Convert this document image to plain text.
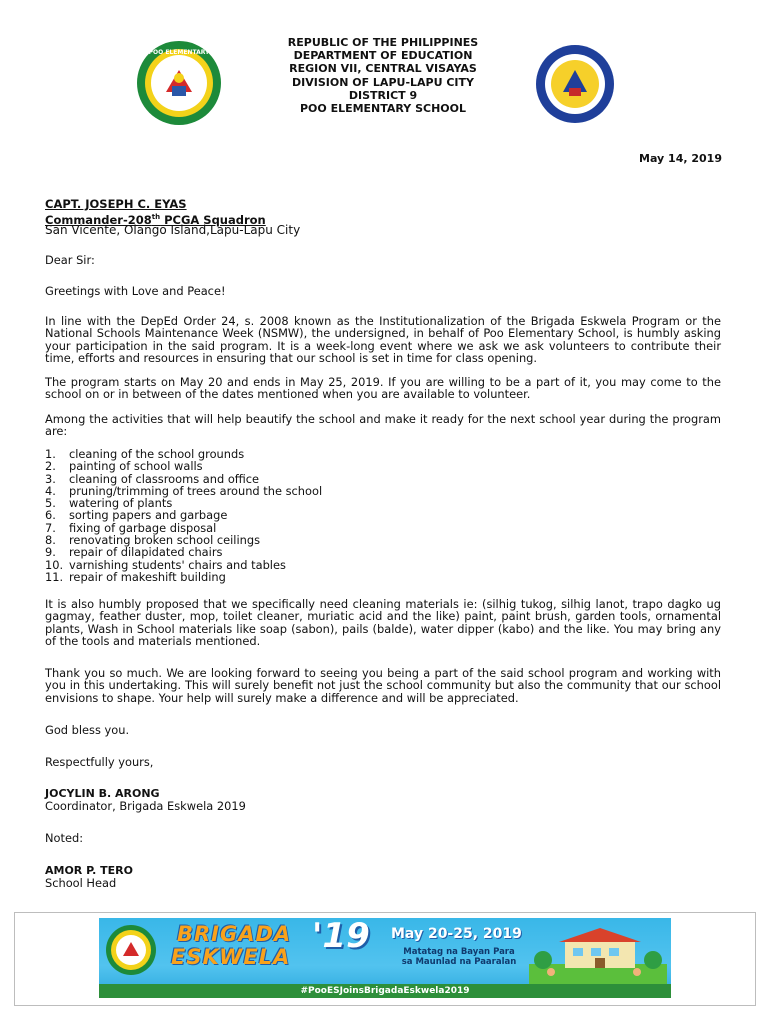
POO ELEMENTARY
REPUBLIC OF THE PHILIPPINES
DEPARTMENT OF EDUCATION
REGION VII, CENTRAL VISAYAS
DIVISION OF LAPU-LAPU CITY
DISTRICT 9
POO ELEMENTARY SCHOOL
May 14, 2019
CAPT. JOSEPH C. EYAS
Commander-208th PCGA Squadron
San Vicente, Olango Island,Lapu-Lapu City
Dear Sir:
Greetings with Love and Peace!

In line with the DepEd Order 24, s. 2008 known as the Institutionalization of the Brigada Eskwela Program or the National Schools Maintenance Week (NSMW), the undersigned, in behalf of Poo Elementary School, is humbly asking your participation in the said program. It is a week-long event where we ask we ask volunteers to contribute their time, efforts and resources in ensuring that our school is set in time for class opening.

The program starts on May 20 and ends in May 25, 2019. If you are willing to be a part of it, you may come to the school on or in between of the dates mentioned when you are available to volunteer.

Among the activities that will help beautify the school and make it ready for the next school year during the program are:

1. cleaning of the school grounds
2. painting of school walls
3. cleaning of classrooms and office
4. pruning/trimming of trees around the school
5. watering of plants
6. sorting papers and garbage
7. fixing of garbage disposal
8. renovating broken school ceilings
9. repair of dilapidated chairs
10. varnishing students' chairs and tables
11. repair of makeshift building

It is also humbly proposed that we specifically need cleaning materials ie: (silhig tukog, silhig lanot, trapo dagko ug gagmay, feather duster, mop, toilet cleaner, muriatic acid and the like) paint, paint brush, garden tools, ornamental plants, Wash in School materials like soap (sabon), pails (balde), water dipper (kabo) and the like. You may bring any of the tools and materials mentioned.

Thank you so much. We are looking forward to seeing you being a part of the said school program and working with you in this undertaking. This will surely benefit not just the school community but also the community that our school envisions to shape. Your help will surely make a difference and will be appreciated.

God bless you.
Respectfully yours,
JOCYLIN B. ARONG
Coordinator, Brigada Eskwela 2019
Noted:
AMOR P. TERO
School Head
BRIGADA
ESKWELA
'19 May 20-25, 2019
Matatag na Bayan Para sa Maunlad na Paaralan
#PooESJoinsBrigadaEskwela2019
